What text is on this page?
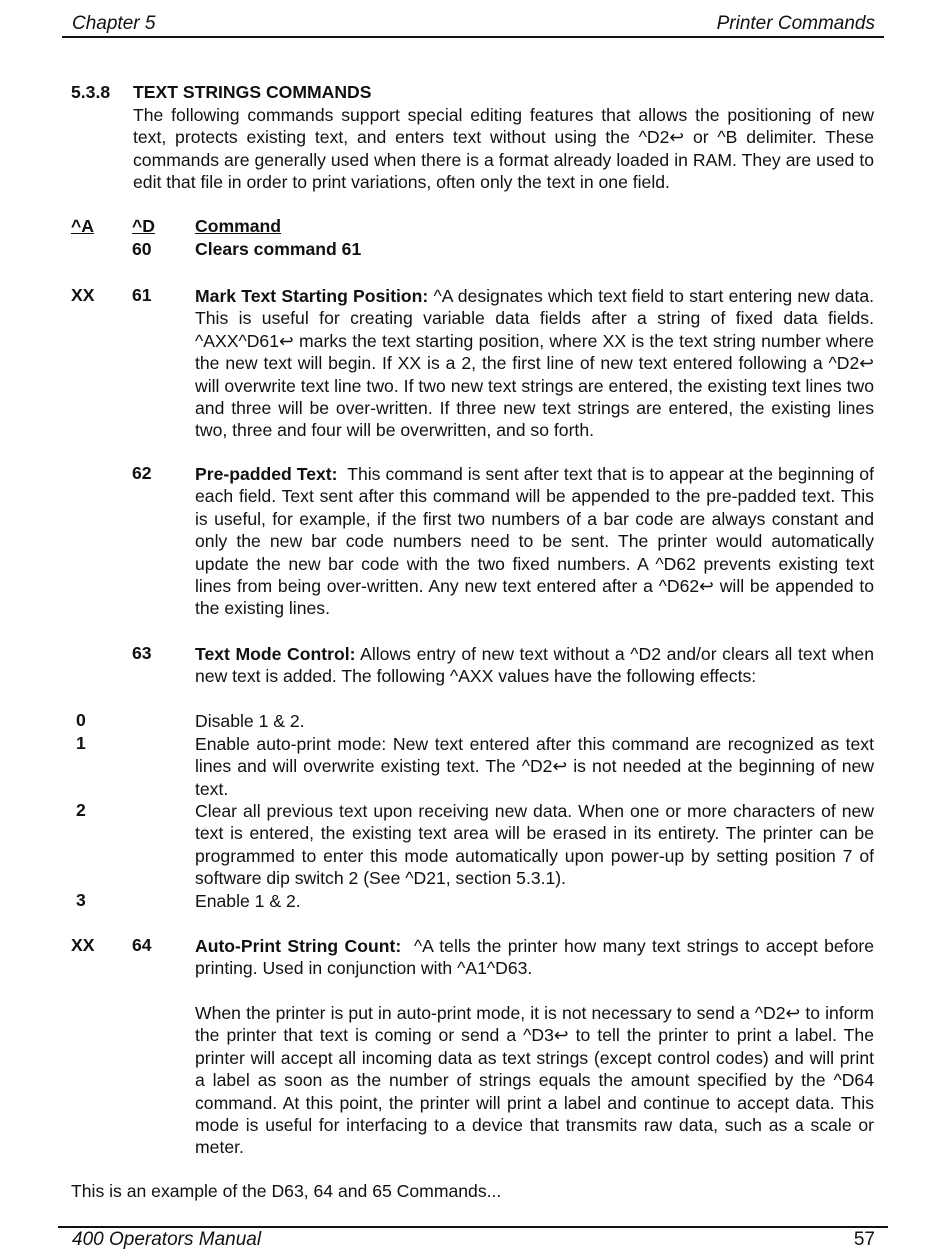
Chapter 5	Printer Commands
5.3.8 TEXT STRINGS COMMANDS
The following commands support special editing features that allows the positioning of new text, protects existing text, and enters text without using the ^D2↩ or ^B delimiter. These commands are generally used when there is a format already loaded in RAM. They are used to edit that file in order to print variations, often only the text in one field.
^A ^D Command
60 Clears command 61
XX 61 Mark Text Starting Position: ^A designates which text field to start entering new data. This is useful for creating variable data fields after a string of fixed data fields. ^AXX^D61↩ marks the text starting position, where XX is the text string number where the new text will begin. If XX is a 2, the first line of new text entered following a ^D2↩ will overwrite text line two. If two new text strings are entered, the existing text lines two and three will be over-written. If three new text strings are entered, the existing lines two, three and four will be overwritten, and so forth.
62 Pre-padded Text: This command is sent after text that is to appear at the beginning of each field. Text sent after this command will be appended to the pre-padded text. This is useful, for example, if the first two numbers of a bar code are always constant and only the new bar code numbers need to be sent. The printer would automatically update the new bar code with the two fixed numbers. A ^D62 prevents existing text lines from being over-written. Any new text entered after a ^D62↩ will be appended to the existing lines.
63 Text Mode Control: Allows entry of new text without a ^D2 and/or clears all text when new text is added. The following ^AXX values have the following effects:
0	Disable 1 & 2.
1	Enable auto-print mode: New text entered after this command are recognized as text lines and will overwrite existing text. The ^D2↩ is not needed at the beginning of new text.
2	Clear all previous text upon receiving new data. When one or more characters of new text is entered, the existing text area will be erased in its entirety. The printer can be programmed to enter this mode automatically upon power-up by setting position 7 of software dip switch 2 (See ^D21, section 5.3.1).
3	Enable 1 & 2.
XX 64 Auto-Print String Count: ^A tells the printer how many text strings to accept before printing. Used in conjunction with ^A1^D63.
When the printer is put in auto-print mode, it is not necessary to send a ^D2↩ to inform the printer that text is coming or send a ^D3↩ to tell the printer to print a label. The printer will accept all incoming data as text strings (except control codes) and will print a label as soon as the number of strings equals the amount specified by the ^D64 command. At this point, the printer will print a label and continue to accept data. This mode is useful for interfacing to a device that transmits raw data, such as a scale or meter.
This is an example of the D63, 64 and 65 Commands...
400 Operators Manual	57
